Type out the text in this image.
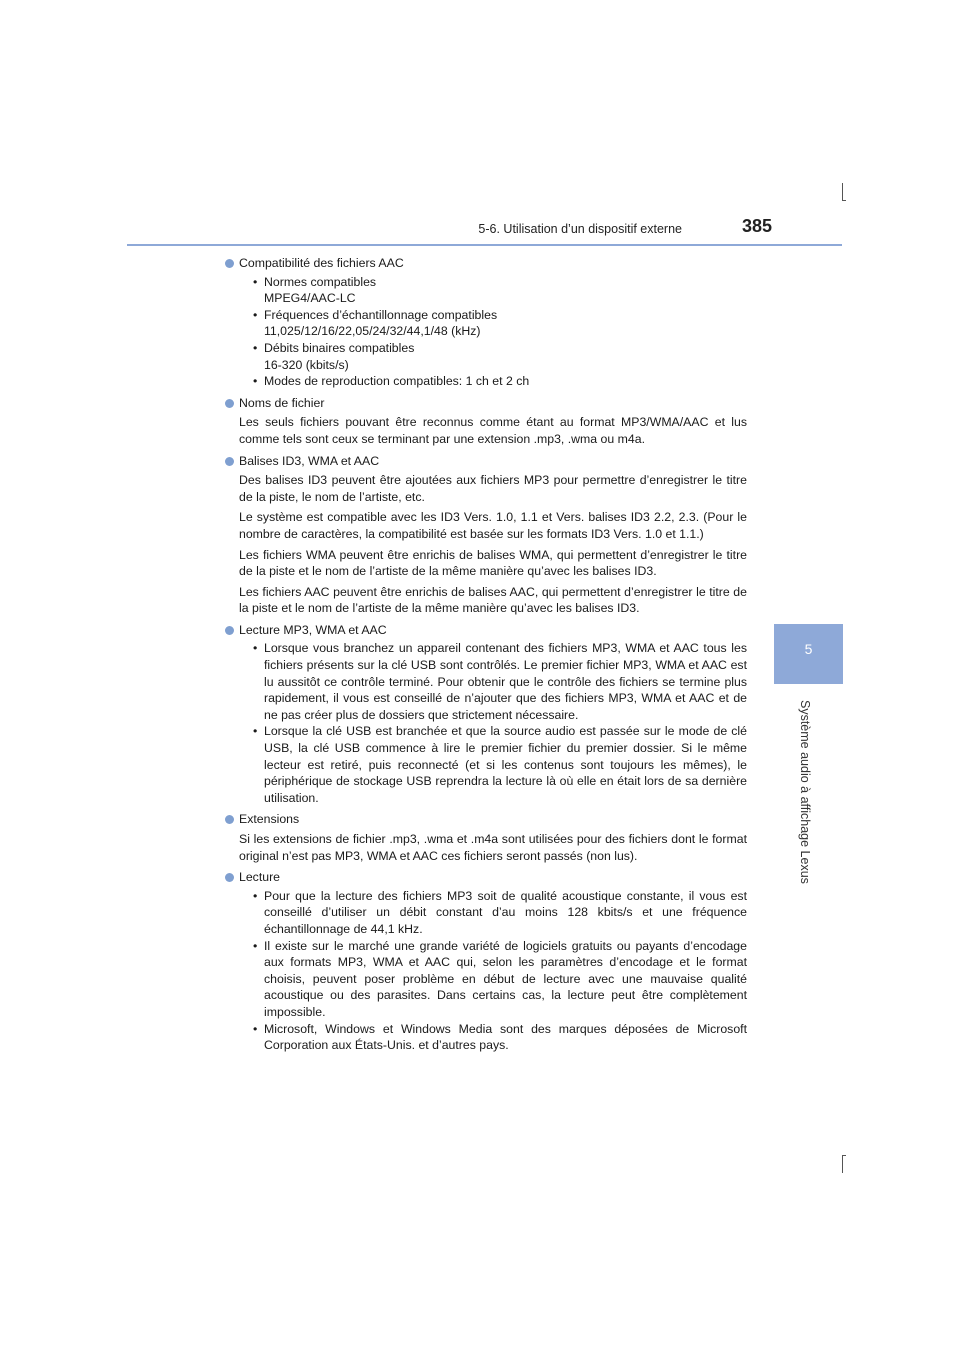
5-6. Utilisation d’un dispositif externe	385
5
Système audio à affichage Lexus
Compatibilité des fichiers AAC
• Normes compatibles
MPEG4/AAC-LC
• Fréquences d’échantillonnage compatibles
11,025/12/16/22,05/24/32/44,1/48 (kHz)
• Débits binaires compatibles
16-320 (kbits/s)
• Modes de reproduction compatibles: 1 ch et 2 ch
Noms de fichier
Les seuls fichiers pouvant être reconnus comme étant au format MP3/WMA/AAC et lus comme tels sont ceux se terminant par une extension .mp3, .wma ou m4a.
Balises ID3, WMA et AAC
Des balises ID3 peuvent être ajoutées aux fichiers MP3 pour permettre d’enregistrer le titre de la piste, le nom de l’artiste, etc.
Le système est compatible avec les ID3 Vers. 1.0, 1.1 et Vers. balises ID3 2.2, 2.3. (Pour le nombre de caractères, la compatibilité est basée sur les formats ID3 Vers. 1.0 et 1.1.)
Les fichiers WMA peuvent être enrichis de balises WMA, qui permettent d’enregistrer le titre de la piste et le nom de l’artiste de la même manière qu’avec les balises ID3.
Les fichiers AAC peuvent être enrichis de balises AAC, qui permettent d’enregistrer le titre de la piste et le nom de l’artiste de la même manière qu’avec les balises ID3.
Lecture MP3, WMA et AAC
• Lorsque vous branchez un appareil contenant des fichiers MP3, WMA et AAC tous les fichiers présents sur la clé USB sont contrôlés. Le premier fichier MP3, WMA et AAC est lu aussitôt ce contrôle terminé. Pour obtenir que le contrôle des fichiers se termine plus rapidement, il vous est conseillé de n’ajouter que des fichiers MP3, WMA et AAC et de ne pas créer plus de dossiers que strictement nécessaire.
• Lorsque la clé USB est branchée et que la source audio est passée sur le mode de clé USB, la clé USB commence à lire le premier fichier du premier dossier. Si le même lecteur est retiré, puis reconnecté (et si les contenus sont toujours les mêmes), le périphérique de stockage USB reprendra la lecture là où elle en était lors de sa dernière utilisation.
Extensions
Si les extensions de fichier .mp3, .wma et .m4a sont utilisées pour des fichiers dont le format original n’est pas MP3, WMA et AAC ces fichiers seront passés (non lus).
Lecture
• Pour que la lecture des fichiers MP3 soit de qualité acoustique constante, il vous est conseillé d’utiliser un débit constant d’au moins 128 kbits/s et une fréquence échantillonnage de 44,1 kHz.
• Il existe sur le marché une grande variété de logiciels gratuits ou payants d’encodage aux formats MP3, WMA et AAC qui, selon les paramètres d’encodage et le format choisis, peuvent poser problème en début de lecture avec une mauvaise qualité acoustique ou des parasites. Dans certains cas, la lecture peut être complètement impossible.
• Microsoft, Windows et Windows Media sont des marques déposées de Microsoft Corporation aux États-Unis. et d’autres pays.
